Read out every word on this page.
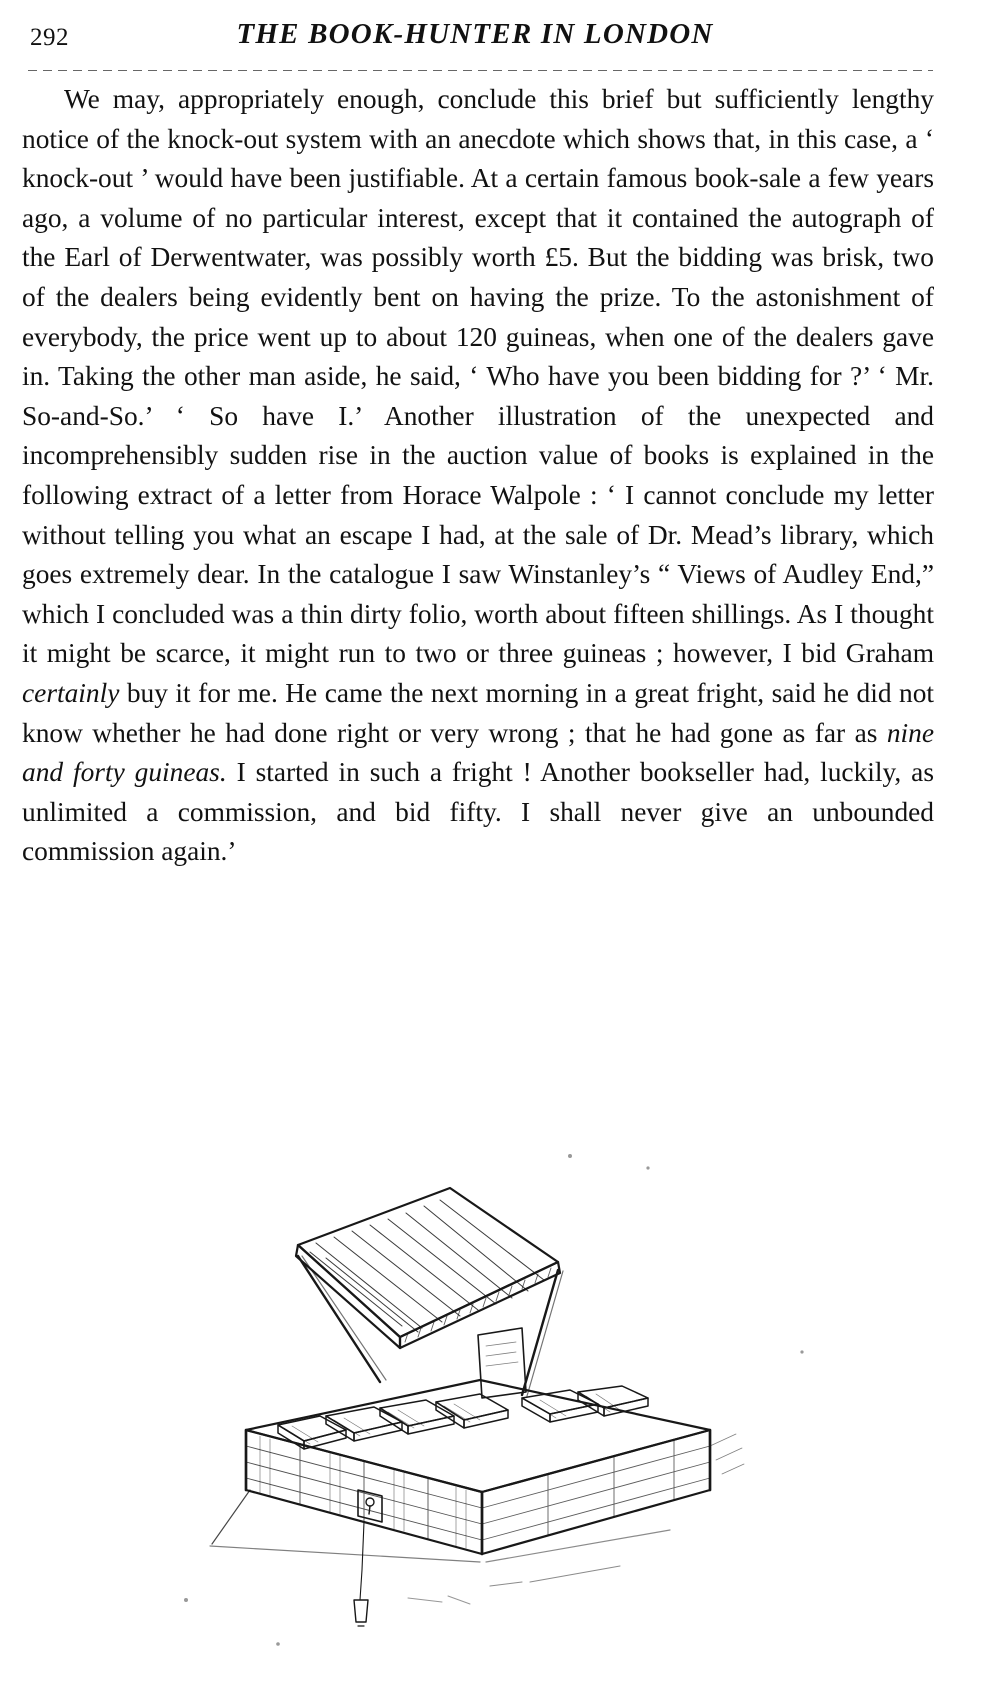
292	THE BOOK-HUNTER IN LONDON

We may, appropriately enough, conclude this brief but sufficiently lengthy notice of the knock-out system with an anecdote which shows that, in this case, a ‘ knock-out ’ would have been justifiable. At a certain famous book-sale a few years ago, a volume of no particular interest, except that it contained the autograph of the Earl of Derwentwater, was possibly worth £5. But the bidding was brisk, two of the dealers being evidently bent on having the prize. To the astonishment of everybody, the price went up to about 120 guineas, when one of the dealers gave in. Taking the other man aside, he said, ‘ Who have you been bidding for ?’ ‘ Mr. So-and-So.’ ‘ So have I.’ Another illustration of the unexpected and incomprehensibly sudden rise in the auction value of books is explained in the following extract of a letter from Horace Walpole : ‘ I cannot conclude my letter without telling you what an escape I had, at the sale of Dr. Mead’s library, which goes extremely dear. In the catalogue I saw Winstanley’s “ Views of Audley End,” which I concluded was a thin dirty folio, worth about fifteen shillings. As I thought it might be scarce, it might run to two or three guineas ; however, I bid Graham certainly buy it for me. He came the next morning in a great fright, said he did not know whether he had done right or very wrong ; that he had gone as far as nine and forty guineas. I started in such a fright ! Another bookseller had, luckily, as unlimited a commission, and bid fifty. I shall never give an unbounded commission again.’
